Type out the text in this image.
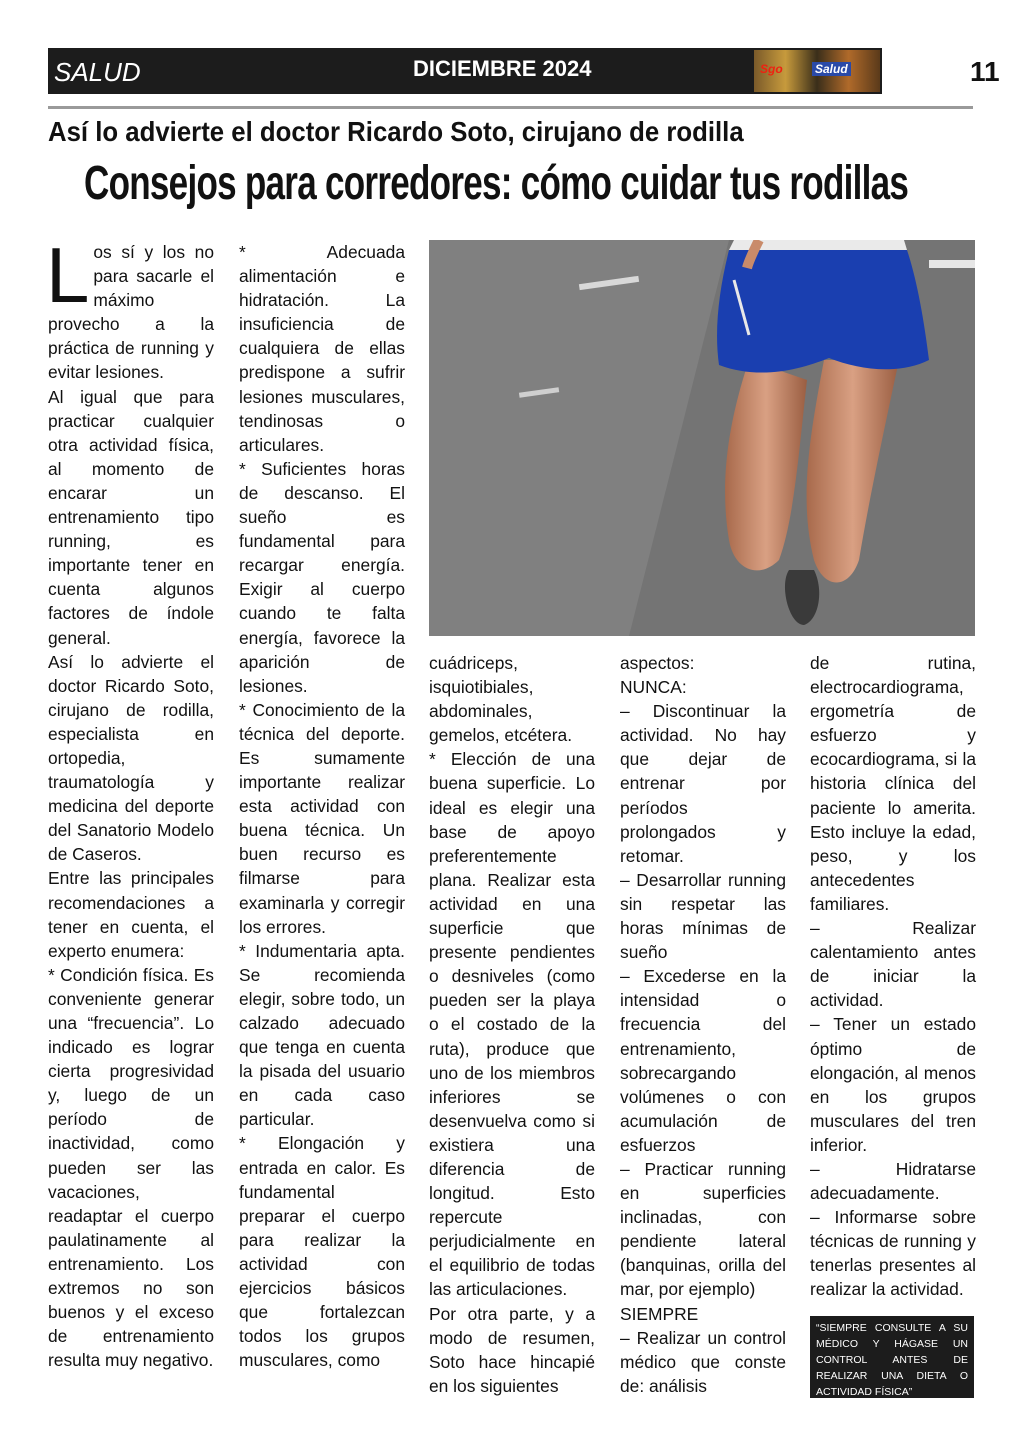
SALUD	DICIEMBRE 2024	Sgo	Salud	11
Así lo advierte el doctor Ricardo Soto, cirujano de rodilla
Consejos para corredores: cómo cuidar tus rodillas
L os sí y los no para sacarle el máximo provecho a la práctica de running y evitar lesiones.

Al igual que para practicar cualquier otra actividad física, al momento de encarar un entrenamiento tipo running, es importante tener en cuenta algunos factores de índole general.

Así lo advierte el doctor Ricardo Soto, cirujano de rodilla, especialista en ortopedia, traumatología y medicina del deporte del Sanatorio Modelo de Caseros.

Entre las principales recomendaciones a tener en cuenta, el experto enumera:

* Condición física. Es conveniente generar una “frecuencia”. Lo indicado es lograr cierta progresividad y, luego de un período de inactividad, como pueden ser las vacaciones, readaptar el cuerpo paulatinamente al entrenamiento. Los extremos no son buenos y el exceso de entrenamiento resulta muy negativo.

* Adecuada alimentación e hidratación. La insuficiencia de cualquiera de ellas predispone a sufrir lesiones musculares, tendinosas o articulares.

* Suficientes horas de descanso. El sueño es fundamental para recargar energía. Exigir al cuerpo cuando te falta energía, favorece la aparición de lesiones.

* Conocimiento de la técnica del deporte. Es sumamente importante realizar esta actividad con buena técnica. Un buen recurso es filmarse para examinarla y corregir los errores.

* Indumentaria apta. Se recomienda elegir, sobre todo, un calzado adecuado que tenga en cuenta la pisada del usuario en cada caso particular.

* Elongación y entrada en calor. Es fundamental preparar el cuerpo para realizar la actividad con ejercicios básicos que fortalezcan todos los grupos musculares, como

cuádriceps, isquiotibiales, abdominales, gemelos, etcétera.

* Elección de una buena superficie. Lo ideal es elegir una base de apoyo preferentemente plana. Realizar esta actividad en una superficie que presente pendientes o desniveles (como pueden ser la playa o el costado de la ruta), produce que uno de los miembros inferiores se desenvuelva como si existiera una diferencia de longitud. Esto repercute perjudicialmente en el equilibrio de todas las articulaciones.

Por otra parte, y a modo de resumen, Soto hace hincapié en los siguientes

aspectos:

NUNCA:

– Discontinuar la actividad. No hay que dejar de entrenar por períodos prolongados y retomar.

– Desarrollar running sin respetar las horas mínimas de sueño

– Excederse en la intensidad o frecuencia del entrenamiento, sobrecargando volúmenes o con acumulación de esfuerzos

– Practicar running en superficies inclinadas, con pendiente lateral (banquinas, orilla del mar, por ejemplo)

SIEMPRE

– Realizar un control médico que conste de: análisis

de rutina, electrocardiograma, ergometría de esfuerzo y ecocardiograma, si la historia clínica del paciente lo amerita. Esto incluye la edad, peso, y los antecedentes familiares.

– Realizar calentamiento antes de iniciar la actividad.

– Tener un estado óptimo de elongación, al menos en los grupos musculares del tren inferior.

– Hidratarse adecuadamente.

– Informarse sobre técnicas de running y tenerlas presentes al realizar la actividad.

“SIEMPRE CONSULTE A SU MÉDICO Y HÁGASE UN CONTROL ANTES DE REALIZAR UNA DIETA O ACTIVIDAD FÍSICA”
